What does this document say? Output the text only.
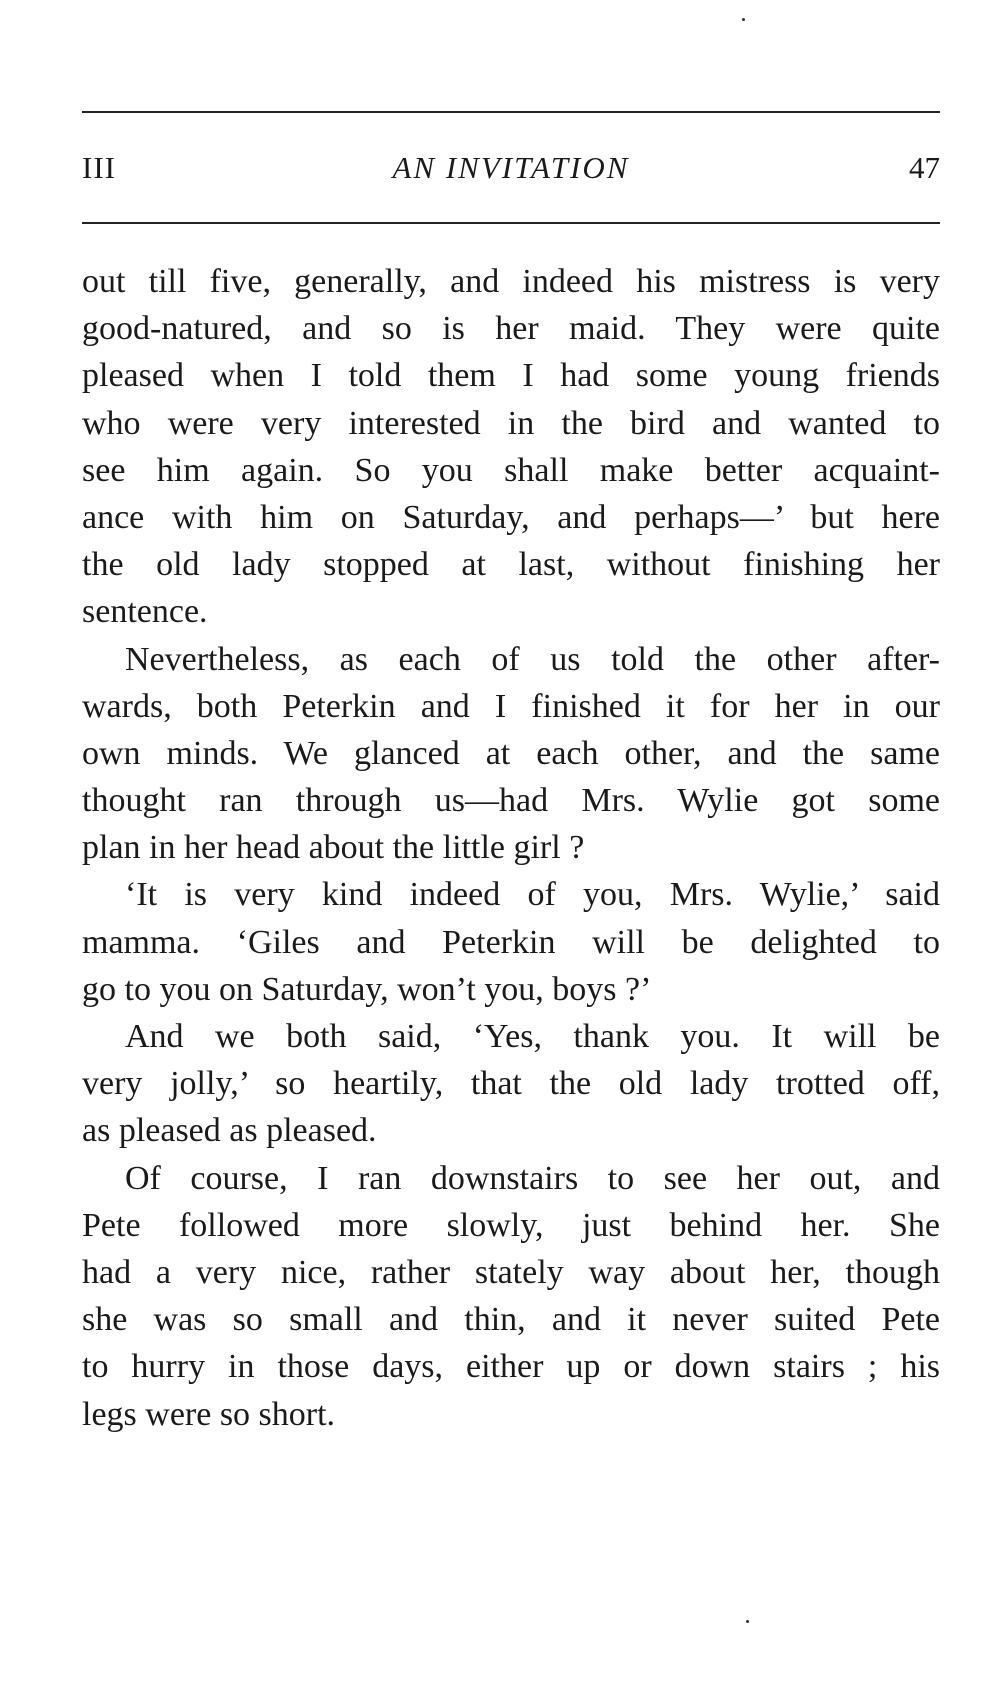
III	AN INVITATION	47
out till five, generally, and indeed his mistress is very
good-natured, and so is her maid. They were quite
pleased when I told them I had some young friends
who were very interested in the bird and wanted to
see him again. So you shall make better acquaint-
ance with him on Saturday, and perhaps—’ but here
the old lady stopped at last, without finishing her
sentence.
Nevertheless, as each of us told the other after-
wards, both Peterkin and I finished it for her in our
own minds. We glanced at each other, and the same
thought ran through us—had Mrs. Wylie got some
plan in her head about the little girl ?
‘It is very kind indeed of you, Mrs. Wylie,’ said
mamma. ‘Giles and Peterkin will be delighted to
go to you on Saturday, won’t you, boys ?’
And we both said, ‘Yes, thank you. It will be
very jolly,’ so heartily, that the old lady trotted off,
as pleased as pleased.
Of course, I ran downstairs to see her out, and
Pete followed more slowly, just behind her. She
had a very nice, rather stately way about her, though
she was so small and thin, and it never suited Pete
to hurry in those days, either up or down stairs ; his
legs were so short.
